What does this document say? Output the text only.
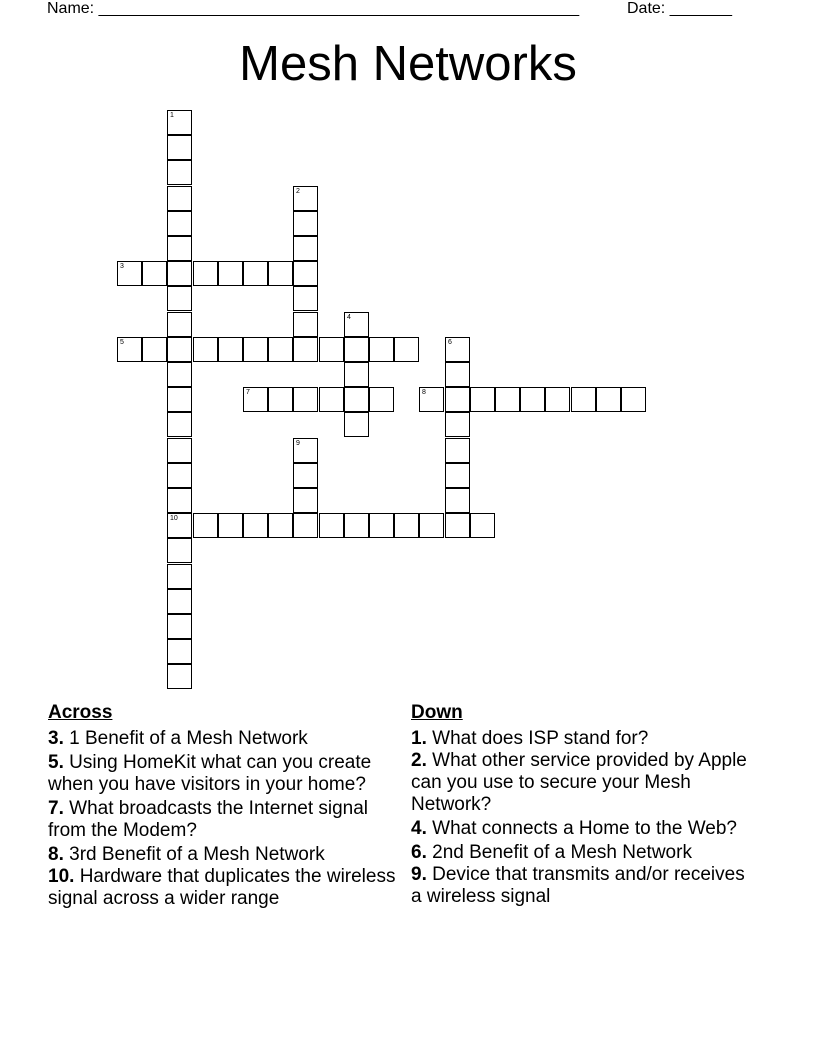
Name: ______________________________________________________	Date: _______
Mesh Networks
1
10
2
3
4
5	6
7	8
9
Across
3. 1 Benefit of a Mesh Network
5. Using HomeKit what can you create when you have visitors in your home?
7. What broadcasts the Internet signal from the Modem?
8. 3rd Benefit of a Mesh Network
10. Hardware that duplicates the wireless signal across a wider range
Down
1. What does ISP stand for?
2. What other service provided by Apple can you use to secure your Mesh Network?
4. What connects a Home to the Web?
6. 2nd Benefit of a Mesh Network
9. Device that transmits and/or receives a wireless signal
